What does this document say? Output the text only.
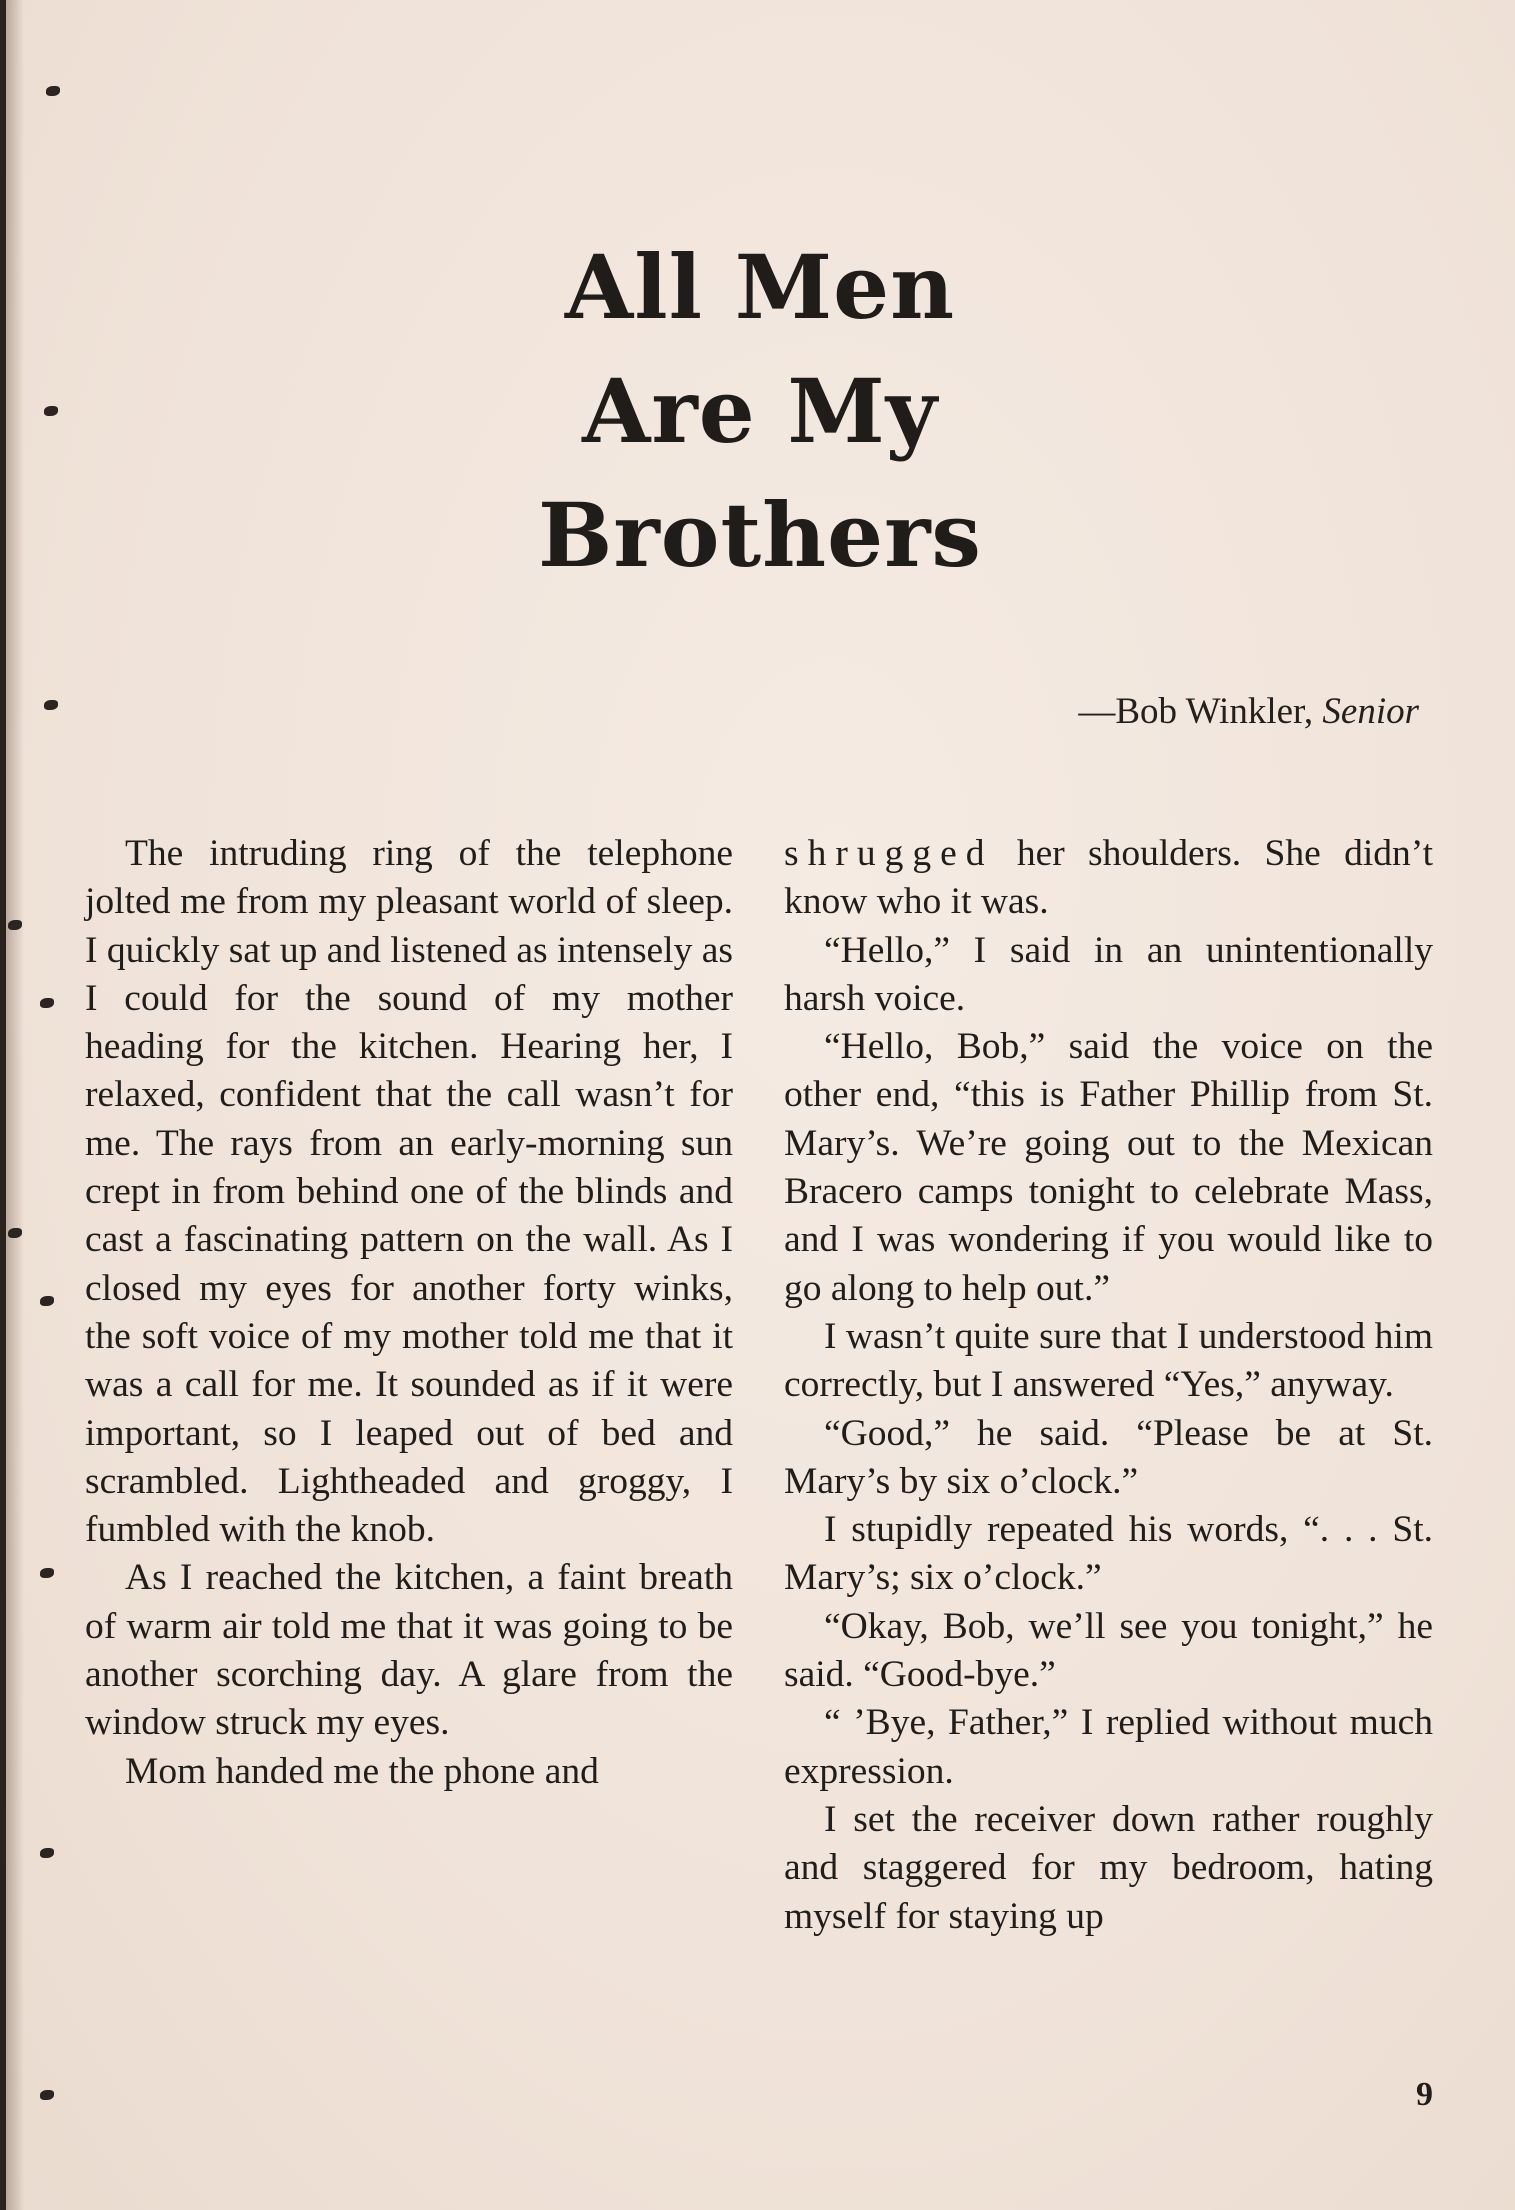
All Men
Are My
Brothers
—Bob Winkler, Senior

The intruding ring of the telephone jolted me from my pleasant world of sleep. I quickly sat up and listened as intensely as I could for the sound of my mother heading for the kitchen. Hearing her, I relaxed, confident that the call wasn’t for me. The rays from an early-morning sun crept in from behind one of the blinds and cast a fascinating pattern on the wall. As I closed my eyes for another forty winks, the soft voice of my mother told me that it was a call for me. It sounded as if it were important, so I leaped out of bed and scrambled. Lightheaded and groggy, I fumbled with the knob.

As I reached the kitchen, a faint breath of warm air told me that it was going to be another scorching day. A glare from the window struck my eyes.

Mom handed me the phone and

shrugged her shoulders. She didn’t know who it was.

“Hello,” I said in an unintentionally harsh voice.

“Hello, Bob,” said the voice on the other end, “this is Father Phillip from St. Mary’s. We’re going out to the Mexican Bracero camps tonight to celebrate Mass, and I was wondering if you would like to go along to help out.”

I wasn’t quite sure that I understood him correctly, but I answered “Yes,” anyway.

“Good,” he said. “Please be at St. Mary’s by six o’clock.”

I stupidly repeated his words, “. . . St. Mary’s; six o’clock.”

“Okay, Bob, we’ll see you tonight,” he said. “Good-bye.”

“ ’Bye, Father,” I replied without much expression.

I set the receiver down rather roughly and staggered for my bedroom, hating myself for staying up

9
